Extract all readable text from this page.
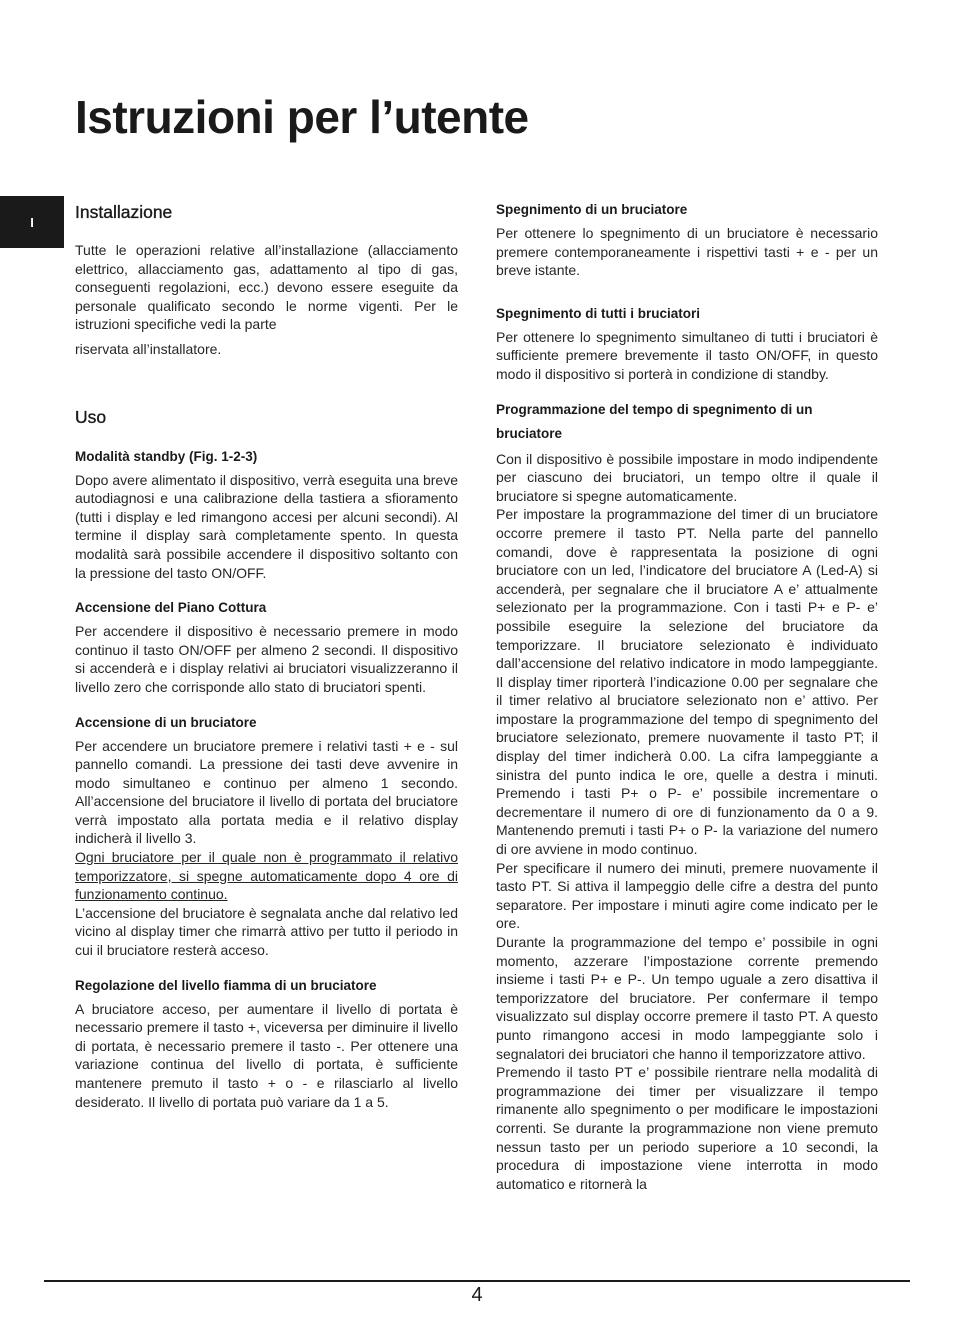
Istruzioni per l’utente
I	Installazione

Tutte le operazioni relative all’installazione (allacciamento elettrico, allacciamento gas, adattamento al tipo di gas, conseguenti regolazioni, ecc.) devono essere eseguite da personale qualificato secondo le norme vigenti. Per le istruzioni specifiche vedi la parte

riservata all’installatore.

Uso
Modalità standby (Fig. 1-2-3)

Dopo avere alimentato il dispositivo, verrà eseguita una breve autodiagnosi e una calibrazione della tastiera a sfioramento (tutti i display e led rimangono accesi per alcuni secondi). Al termine il display sarà completamente spento. In questa modalità sarà possibile accendere il dispositivo soltanto con la pressione del tasto ON/OFF.

Accensione del Piano Cottura

Per accendere il dispositivo è necessario premere in modo continuo il tasto ON/OFF per almeno 2 secondi. Il dispositivo si accenderà e i display relativi ai bruciatori visualizzeranno il livello zero che corrisponde allo stato di bruciatori spenti.

Accensione di un bruciatore

Per accendere un bruciatore premere i relativi tasti + e - sul pannello comandi. La pressione dei tasti deve avvenire in modo simultaneo e continuo per almeno 1 secondo. All’accensione del bruciatore il livello di portata del bruciatore verrà impostato alla portata media e il relativo display indicherà il livello 3.

Ogni bruciatore per il quale non è programmato il relativo temporizzatore, si spegne automaticamente dopo 4 ore di funzionamento continuo.

L’accensione del bruciatore è segnalata anche dal relativo led vicino al display timer che rimarrà attivo per tutto il periodo in cui il bruciatore resterà acceso.

Regolazione del livello fiamma di un bruciatore

A bruciatore acceso, per aumentare il livello di portata è necessario premere il tasto +, viceversa per diminuire il livello di portata, è necessario premere il tasto -. Per ottenere una variazione continua del livello di portata, è sufficiente mantenere premuto il tasto + o - e rilasciarlo al livello desiderato. Il livello di portata può variare da 1 a 5.

Spegnimento di un bruciatore

Per ottenere lo spegnimento di un bruciatore è necessario premere contemporaneamente i rispettivi tasti + e - per un breve istante.

Spegnimento di tutti i bruciatori

Per ottenere lo spegnimento simultaneo di tutti i bruciatori è sufficiente premere brevemente il tasto ON/OFF, in questo modo il dispositivo si porterà in condizione di standby.

Programmazione del tempo di spegnimento di un bruciatore

Con il dispositivo è possibile impostare in modo indipendente per ciascuno dei bruciatori, un tempo oltre il quale il bruciatore si spegne automaticamente.

Per impostare la programmazione del timer di un bruciatore occorre premere il tasto PT. Nella parte del pannello comandi, dove è rappresentata la posizione di ogni bruciatore con un led, l’indicatore del bruciatore A (Led-A) si accenderà, per segnalare che il bruciatore A e’ attualmente selezionato per la programmazione. Con i tasti P+ e P- e’ possibile eseguire la selezione del bruciatore da temporizzare. Il bruciatore selezionato è individuato dall’accensione del relativo indicatore in modo lampeggiante. Il display timer riporterà l’indicazione 0.00 per segnalare che il timer relativo al bruciatore selezionato non e’ attivo. Per impostare la programmazione del tempo di spegnimento del bruciatore selezionato, premere nuovamente il tasto PT; il display del timer indicherà 0.00. La cifra lampeggiante a sinistra del punto indica le ore, quelle a destra i minuti. Premendo i tasti P+ o P- e’ possibile incrementare o decrementare il numero di ore di funzionamento da 0 a 9. Mantenendo premuti i tasti P+ o P- la variazione del numero di ore avviene in modo continuo.

Per specificare il numero dei minuti, premere nuovamente il tasto PT. Si attiva il lampeggio delle cifre a destra del punto separatore. Per impostare i minuti agire come indicato per le ore.

Durante la programmazione del tempo e’ possibile in ogni momento, azzerare l’impostazione corrente premendo insieme i tasti P+ e P-. Un tempo uguale a zero disattiva il temporizzatore del bruciatore. Per confermare il tempo visualizzato sul display occorre premere il tasto PT. A questo punto rimangono accesi in modo lampeggiante solo i segnalatori dei bruciatori che hanno il temporizzatore attivo.

Premendo il tasto PT e’ possibile rientrare nella modalità di programmazione dei timer per visualizzare il tempo rimanente allo spegnimento o per modificare le impostazioni correnti. Se durante la programmazione non viene premuto nessun tasto per un periodo superiore a 10 secondi, la procedura di impostazione viene interrotta in modo automatico e ritornerà la

4
